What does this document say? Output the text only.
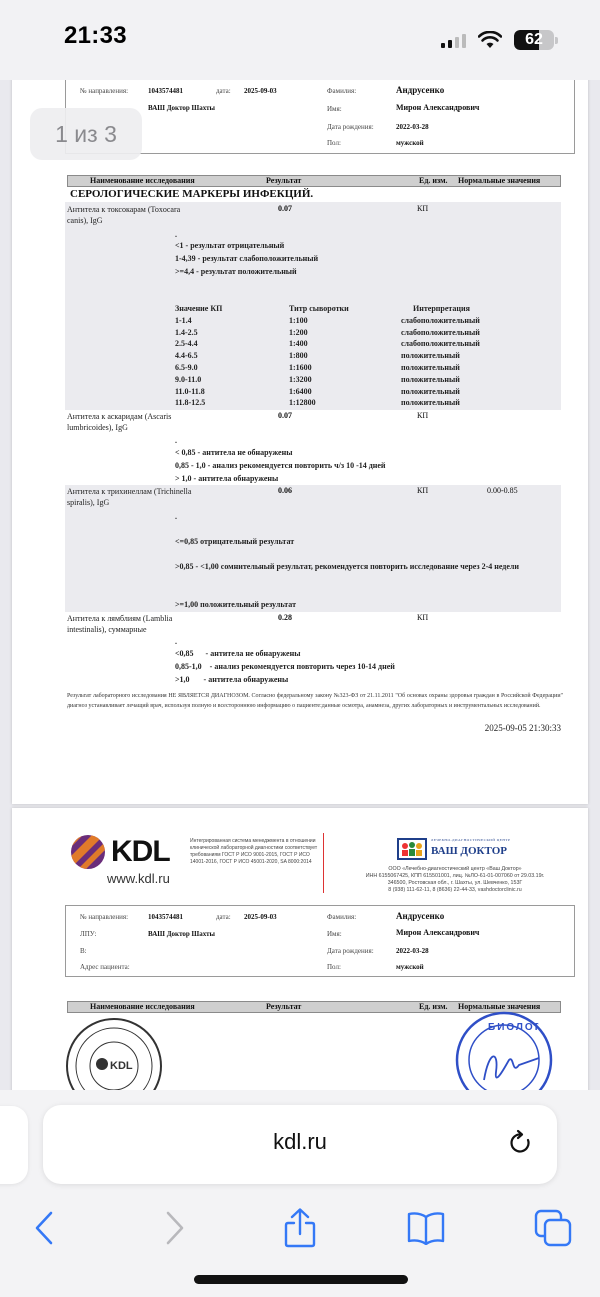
21:33	62
№ направления:	1043574481	дата: 2025-09-03
ВАШ Доктор Шахты
Фамилия:	Андрусенко
Имя:	Мирон Александрович
Дата рождения:	2022-03-28
Пол:	мужской
Наименование исследования	Результат	Ед. изм. Нормальные значения
СЕРОЛОГИЧЕСКИЕ МАРКЕРЫ ИНФЕКЦИЙ.
Антитела к токсокарам (Toxocara
canis), IgG
0.07	КП
.
<1 - результат отрицательный
1-4,39 - результат слабоположительный
>=4,4 - результат положительный
Значение КП	Титр сыворотки	Интерпретация
1-1.4	1:100	слабоположительный
1.4-2.5	1:200	слабоположительный
2.5-4.4	1:400	слабоположительный
4.4-6.5	1:800	положительный
6.5-9.0	1:1600	положительный
9.0-11.0	1:3200	положительный
11.0-11.8	1:6400	положительный
11.8-12.5	1:12800	положительный
Антитела к аскаридам (Ascaris
lumbricoides), IgG
0.07	КП
.
< 0,85 - антитела не обнаружены
0,85 - 1,0 - анализ рекомендуется повторить ч/з 10 -14 дней
> 1,0 - антитела обнаружены
Антитела к трихинеллам (Trichinella
spiralis), IgG
0.06	КП	0.00-0.85
.
<=0,85 отрицательный результат
>0,85 - <1,00 сомнительный результат, рекомендуется повторить исследование через 2-4 недели
>=1,00 положительный результат
Антитела к лямблиям (Lamblia
intestinalis), суммарные
0.28	КП
.
<0,85      - антитела не обнаружены
0,85-1,0    - анализ рекомендуется повторить через 10-14 дней
>1,0       - антитела обнаружены
Результат лабораторного исследования НЕ ЯВЛЯЕТСЯ ДИАГНОЗОМ. Согласно федеральному закону №323-ФЗ от 21.11.2011 "Об основах охраны здоровья граждан в Российской Федерации" диагноз устанавливает лечащий врач, используя полную и всестороннюю информацию о пациенте:данные осмотра, анамнеза, других лабораторных и инструментальных исследований.
2025-09-05 21:30:33
KDL
www.kdl.ru
Интегрированная система менеджмента в отношении клинической лабораторной диагностики соответствует требованиям ГОСТ Р ИСО 9001-2015, ГОСТ Р ИСО 14001-2016, ГОСТ Р ИСО 45001-2020, SA 8000:2014
ЛЕЧЕБНО-ДИАГНОСТИЧЕСКИЙ ЦЕНТР
ВАШ ДОКТОР
ООО «Лечебно-диагностический центр «Ваш Доктор»
ИНН 6155067425, КПП 615501001, лиц. №ЛО-61-01-007060 от 29.03.19г.
346500, Ростовская обл., г. Шахты, ул. Шевченко, 153Г
8 (938) 111-62-11, 8 (8636) 22-44-33, vashdoctorclinic.ru
№ направления:	1043574481	дата: 2025-09-03
ЛПУ:	ВАШ Доктор Шахты
В:
Адрес пациента:
Фамилия:	Андрусенко
Имя:	Мирон Александрович
Дата рождения:	2022-03-28
Пол:	мужской
Наименование исследования	Результат	Ед. изм. Нормальные значения
KDL
БИОЛОГ
1 из 3
kdl.ru
